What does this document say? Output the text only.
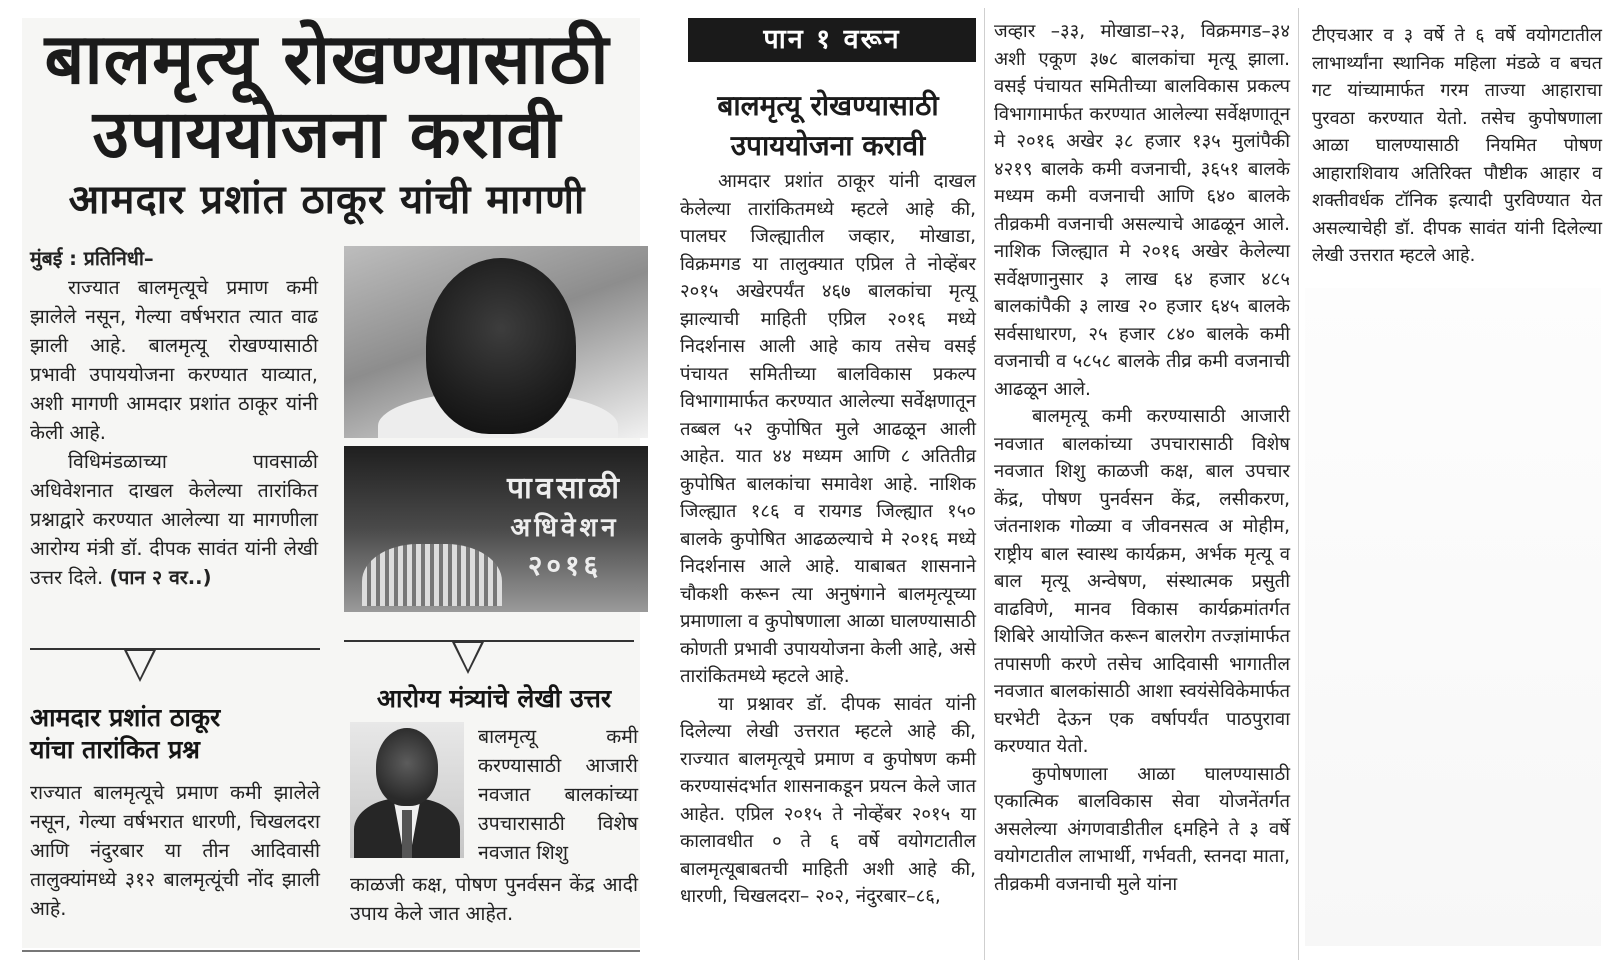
बालमृत्यू रोखण्यासाठी
उपाययोजना करावी
आमदार प्रशांत ठाकूर यांची मागणी

मुंबई : प्रतिनिधी–

राज्यात बालमृत्यूचे प्रमाण कमी झालेले नसून, गेल्या वर्षभरात त्यात वाढ झाली आहे. बालमृत्यू रोखण्यासाठी प्रभावी उपाययोजना करण्यात याव्यात, अशी मागणी आमदार प्रशांत ठाकूर यांनी केली आहे.

विधिमंडळाच्या पावसाळी अधिवेशनात दाखल केलेल्या तारांकित प्रश्नाद्वारे करण्यात आलेल्या या मागणीला आरोग्य मंत्री डॉ. दीपक सावंत यांनी लेखी उत्तर दिले. (पान २ वर..)

पावसाळी
अधिवेशन
२०१६
आमदार प्रशांत ठाकूर
यांचा तारांकित प्रश्न
राज्यात बालमृत्यूचे प्रमाण कमी झालेले नसून, गेल्या वर्षभरात धारणी, चिखलदरा आणि नंदुरबार या तीन आदिवासी तालुक्यांमध्ये ३१२ बालमृत्यूंची नोंद झाली आहे.
आरोग्य मंत्र्यांचे लेखी उत्तर
बालमृत्यू कमी करण्यासाठी आजारी नवजात बालकांच्या उपचारासाठी विशेष नवजात शिशु
काळजी कक्ष, पोषण पुनर्वसन केंद्र आदी उपाय केले जात आहेत.
पान १ वरून
बालमृत्यू रोखण्यासाठी
उपाययोजना करावी

आमदार प्रशांत ठाकूर यांनी दाखल केलेल्या तारांकितमध्ये म्हटले आहे की, पालघर जिल्ह्यातील जव्हार, मोखाडा, विक्रमगड या तालुक्यात एप्रिल ते नोव्हेंबर २०१५ अखेरपर्यंत ४६७ बालकांचा मृत्यू झाल्याची माहिती एप्रिल २०१६ मध्ये निदर्शनास आली आहे काय तसेच वसई पंचायत समितीच्या बालविकास प्रकल्प विभागामार्फत करण्यात आलेल्या सर्वेक्षणातून तब्बल ५२ कुपोषित मुले आढळून आली आहेत. यात ४४ मध्यम आणि ८ अतितीव्र कुपोषित बालकांचा समावेश आहे. नाशिक जिल्ह्यात १८६ व रायगड जिल्ह्यात १५० बालके कुपोषित आढळल्याचे मे २०१६ मध्ये निदर्शनास आले आहे. याबाबत शासनाने चौकशी करून त्या अनुषंगाने बालमृत्यूच्या प्रमाणाला व कुपोषणाला आळा घालण्यासाठी कोणती प्रभावी उपाययोजना केली आहे, असे तारांकितमध्ये म्हटले आहे.

या प्रश्नावर डॉ. दीपक सावंत यांनी दिलेल्या लेखी उत्तरात म्हटले आहे की, राज्यात बालमृत्यूचे प्रमाण व कुपोषण कमी करण्यासंदर्भात शासनाकडून प्रयत्न केले जात आहेत. एप्रिल २०१५ ते नोव्हेंबर २०१५ या कालावधीत ० ते ६ वर्षे वयोगटातील बालमृत्यूबाबतची माहिती अशी आहे की, धारणी, चिखलदरा– २०२, नंदुरबार–८६,

जव्हार –३३, मोखाडा–२३, विक्रमगड–३४ अशी एकूण ३७८ बालकांचा मृत्यू झाला. वसई पंचायत समितीच्या बालविकास प्रकल्प विभागामार्फत करण्यात आलेल्या सर्वेक्षणातून मे २०१६ अखेर ३८ हजार १३५ मुलांपैकी ४२१९ बालके कमी वजनाची, ३६५१ बालके मध्यम कमी वजनाची आणि ६४० बालके तीव्रकमी वजनाची असल्याचे आढळून आले. नाशिक जिल्ह्यात मे २०१६ अखेर केलेल्या सर्वेक्षणानुसार ३ लाख ६४ हजार ४८५ बालकांपैकी ३ लाख २० हजार ६४५ बालके सर्वसाधारण, २५ हजार ८४० बालके कमी वजनाची व ५८५८ बालके तीव्र कमी वजनाची आढळून आले.

बालमृत्यू कमी करण्यासाठी आजारी नवजात बालकांच्या उपचारासाठी विशेष नवजात शिशु काळजी कक्ष, बाल उपचार केंद्र, पोषण पुनर्वसन केंद्र, लसीकरण, जंतनाशक गोळ्या व जीवनसत्व अ मोहीम, राष्ट्रीय बाल स्वास्थ कार्यक्रम, अर्भक मृत्यू व बाल मृत्यू अन्वेषण, संस्थात्मक प्रसुती वाढविणे, मानव विकास कार्यक्रमांतर्गत शिबिरे आयोजित करून बालरोग तज्ज्ञांमार्फत तपासणी करणे तसेच आदिवासी भागातील नवजात बालकांसाठी आशा स्वयंसेविकेमार्फत घरभेटी देऊन एक वर्षापर्यंत पाठपुरावा करण्यात येतो.

कुपोषणाला आळा घालण्यासाठी एकात्मिक बालविकास सेवा योजनेंतर्गत असलेल्या अंगणवाडीतील ६महिने ते ३ वर्षे वयोगटातील लाभार्थी, गर्भवती, स्तनदा माता, तीव्रकमी वजनाची मुले यांना

टीएचआर व ३ वर्षे ते ६ वर्षे वयोगटातील लाभार्थ्यांना स्थानिक महिला मंडळे व बचत गट यांच्यामार्फत गरम ताज्या आहाराचा पुरवठा करण्यात येतो. तसेच कुपोषणाला आळा घालण्यासाठी नियमित पोषण आहाराशिवाय अतिरिक्त पौष्टीक आहार व शक्तीवर्धक टॉनिक इत्यादी पुरविण्यात येत असल्याचेही डॉ. दीपक सावंत यांनी दिलेल्या लेखी उत्तरात म्हटले आहे.
